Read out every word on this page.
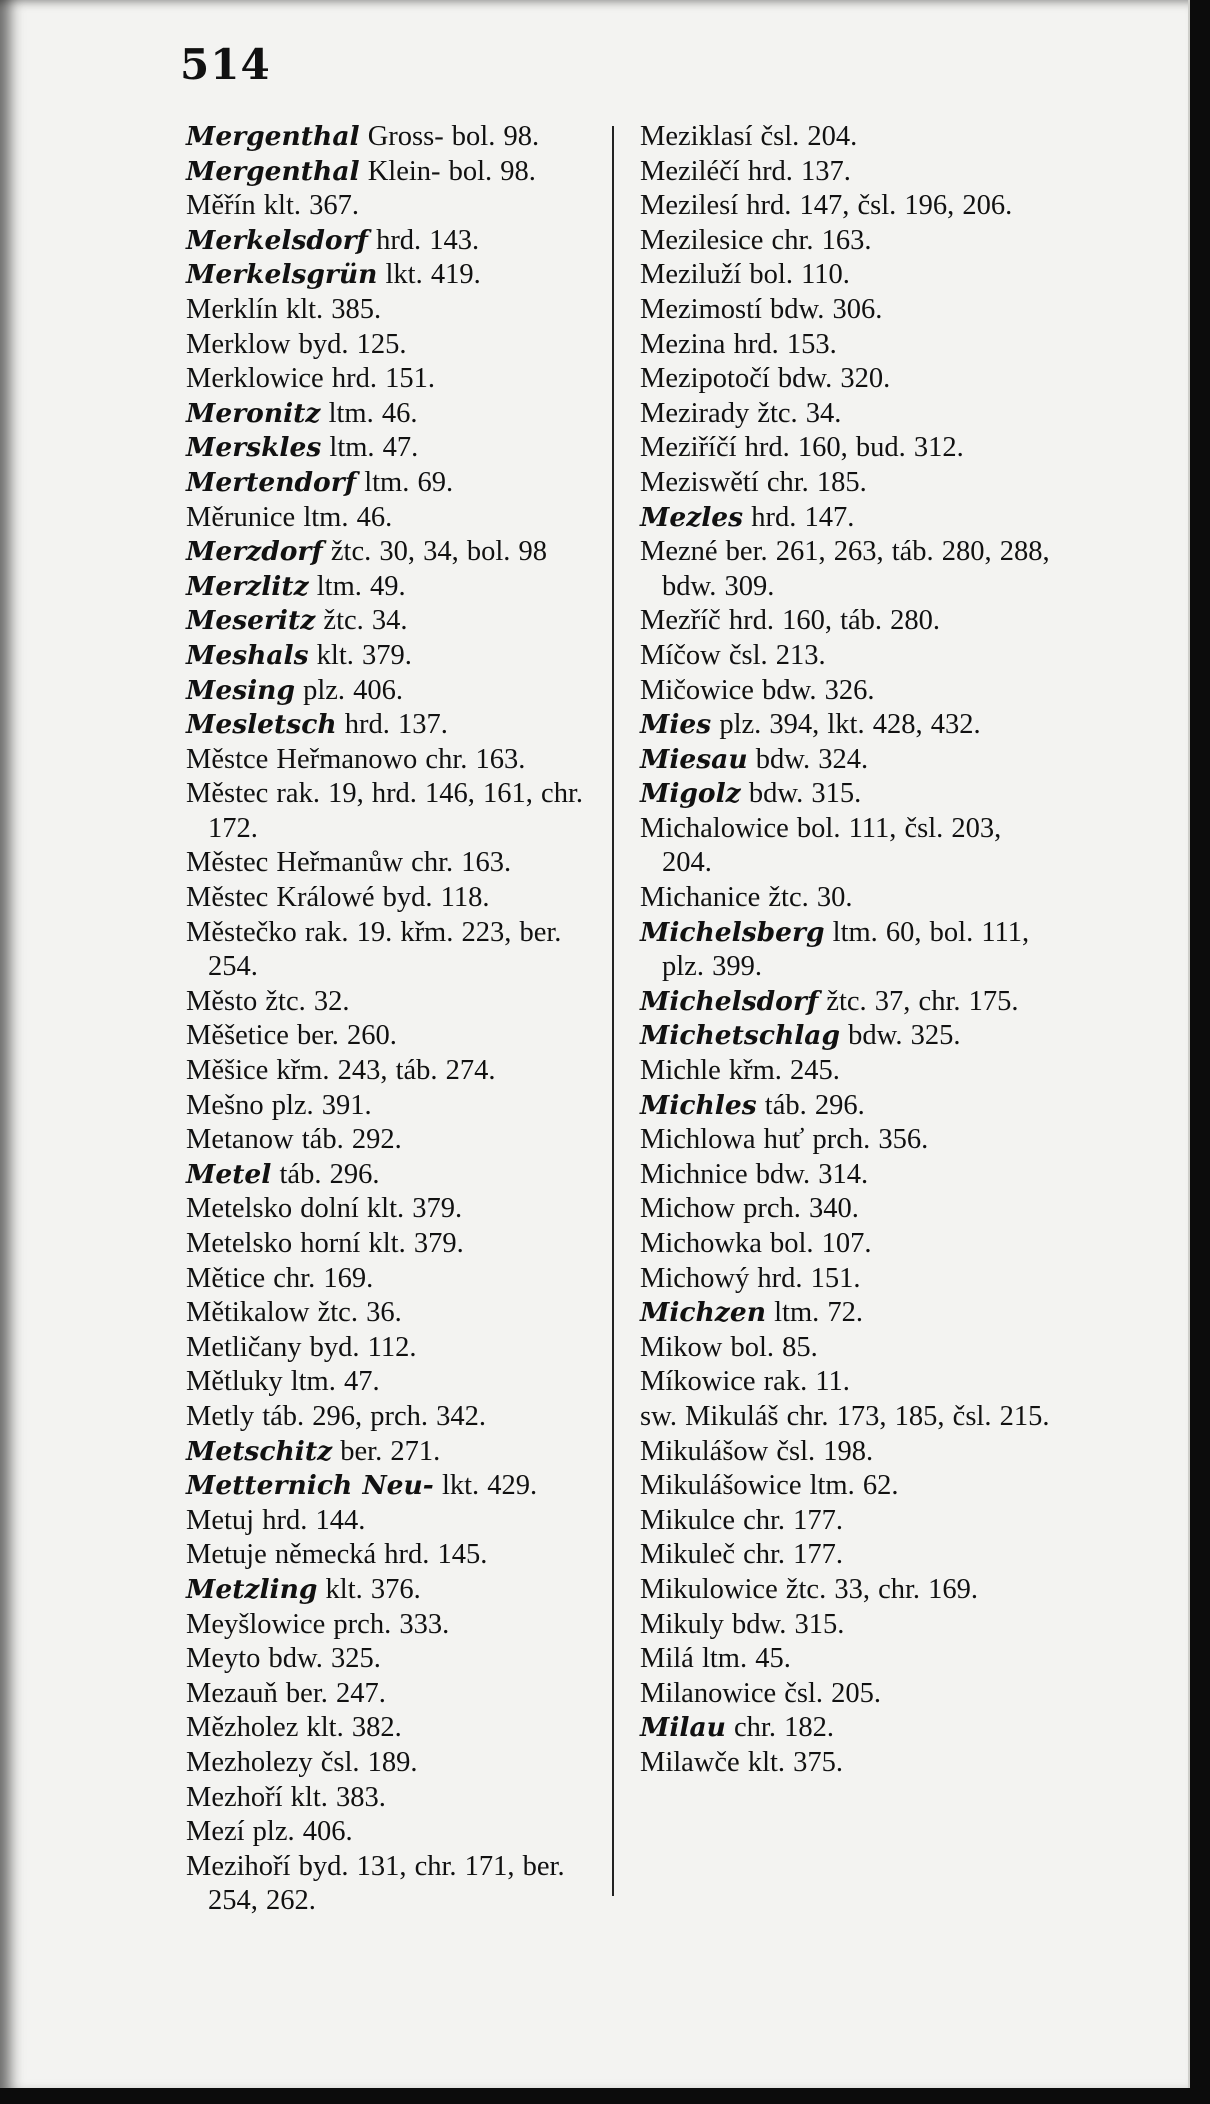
514
Mergenthal Gross- bol. 98.
Mergenthal Klein- bol. 98.
Měřín klt. 367.
Merkelsdorf hrd. 143.
Merkelsgrün lkt. 419.
Merklín klt. 385.
Merklow byd. 125.
Merklowice hrd. 151.
Meronitz ltm. 46.
Merskles ltm. 47.
Mertendorf ltm. 69.
Měrunice ltm. 46.
Merzdorf žtc. 30, 34, bol. 98
Merzlitz ltm. 49.
Meseritz žtc. 34.
Meshals klt. 379.
Mesing plz. 406.
Mesletsch hrd. 137.
Městce Heřmanowo chr. 163.
Městec rak. 19, hrd. 146, 161, chr. 172.
Městec Heřmanůw chr. 163.
Městec Králowé byd. 118.
Městečko rak. 19. křm. 223, ber. 254.
Město žtc. 32.
Měšetice ber. 260.
Měšice křm. 243, táb. 274.
Mešno plz. 391.
Metanow táb. 292.
Metel táb. 296.
Metelsko dolní klt. 379.
Metelsko horní klt. 379.
Mětice chr. 169.
Mětikalow žtc. 36.
Metličany byd. 112.
Mětluky ltm. 47.
Metly táb. 296, prch. 342.
Metschitz ber. 271.
Metternich Neu- lkt. 429.
Metuj hrd. 144.
Metuje německá hrd. 145.
Metzling klt. 376.
Meyšlowice prch. 333.
Meyto bdw. 325.
Mezauň ber. 247.
Mězholez klt. 382.
Mezholezy čsl. 189.
Mezhoří klt. 383.
Mezí plz. 406.
Mezihoří byd. 131, chr. 171, ber. 254, 262.
Meziklasí čsl. 204.
Meziléčí hrd. 137.
Mezilesí hrd. 147, čsl. 196, 206.
Mezilesice chr. 163.
Meziluží bol. 110.
Mezimostí bdw. 306.
Mezina hrd. 153.
Mezipotočí bdw. 320.
Mezirady žtc. 34.
Meziříčí hrd. 160, bud. 312.
Meziswětí chr. 185.
Mezles hrd. 147.
Mezné ber. 261, 263, táb. 280, 288, bdw. 309.
Mezříč hrd. 160, táb. 280.
Míčow čsl. 213.
Mičowice bdw. 326.
Mies plz. 394, lkt. 428, 432.
Miesau bdw. 324.
Migolz bdw. 315.
Michalowice bol. 111, čsl. 203, 204.
Michanice žtc. 30.
Michelsberg ltm. 60, bol. 111, plz. 399.
Michelsdorf žtc. 37, chr. 175.
Michetschlag bdw. 325.
Michle křm. 245.
Michles táb. 296.
Michlowa huť prch. 356.
Michnice bdw. 314.
Michow prch. 340.
Michowka bol. 107.
Michowý hrd. 151.
Michzen ltm. 72.
Mikow bol. 85.
Míkowice rak. 11.
sw. Mikuláš chr. 173, 185, čsl. 215.
Mikulášow čsl. 198.
Mikulášowice ltm. 62.
Mikulce chr. 177.
Mikuleč chr. 177.
Mikulowice žtc. 33, chr. 169.
Mikuly bdw. 315.
Milá ltm. 45.
Milanowice čsl. 205.
Milau chr. 182.
Milawče klt. 375.
